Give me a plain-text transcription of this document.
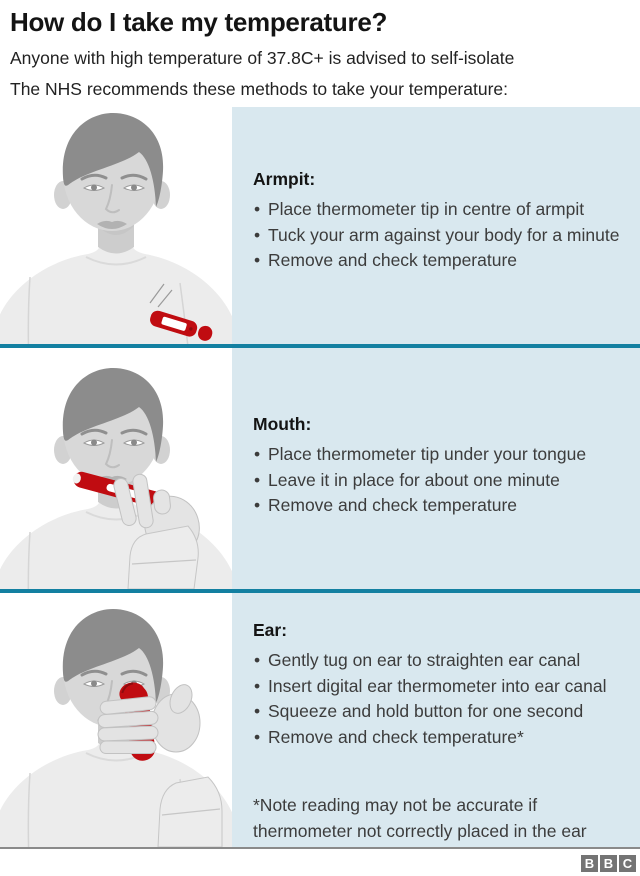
How do I take my temperature?

Anyone with high temperature of 37.8C+ is advised to self-isolate

The NHS recommends these methods to take your temperature:

Armpit:
• Place thermometer tip in centre of armpit
• Tuck your arm against your body for a minute
• Remove and check temperature
Mouth:
• Place thermometer tip under your tongue
• Leave it in place for about one minute
• Remove and check temperature
Ear:
• Gently tug on ear to straighten ear canal
• Insert digital ear thermometer into ear canal
• Squeeze and hold button for one second
• Remove and check temperature*

*Note reading may not be accurate if thermometer not correctly placed in the ear

B B C
